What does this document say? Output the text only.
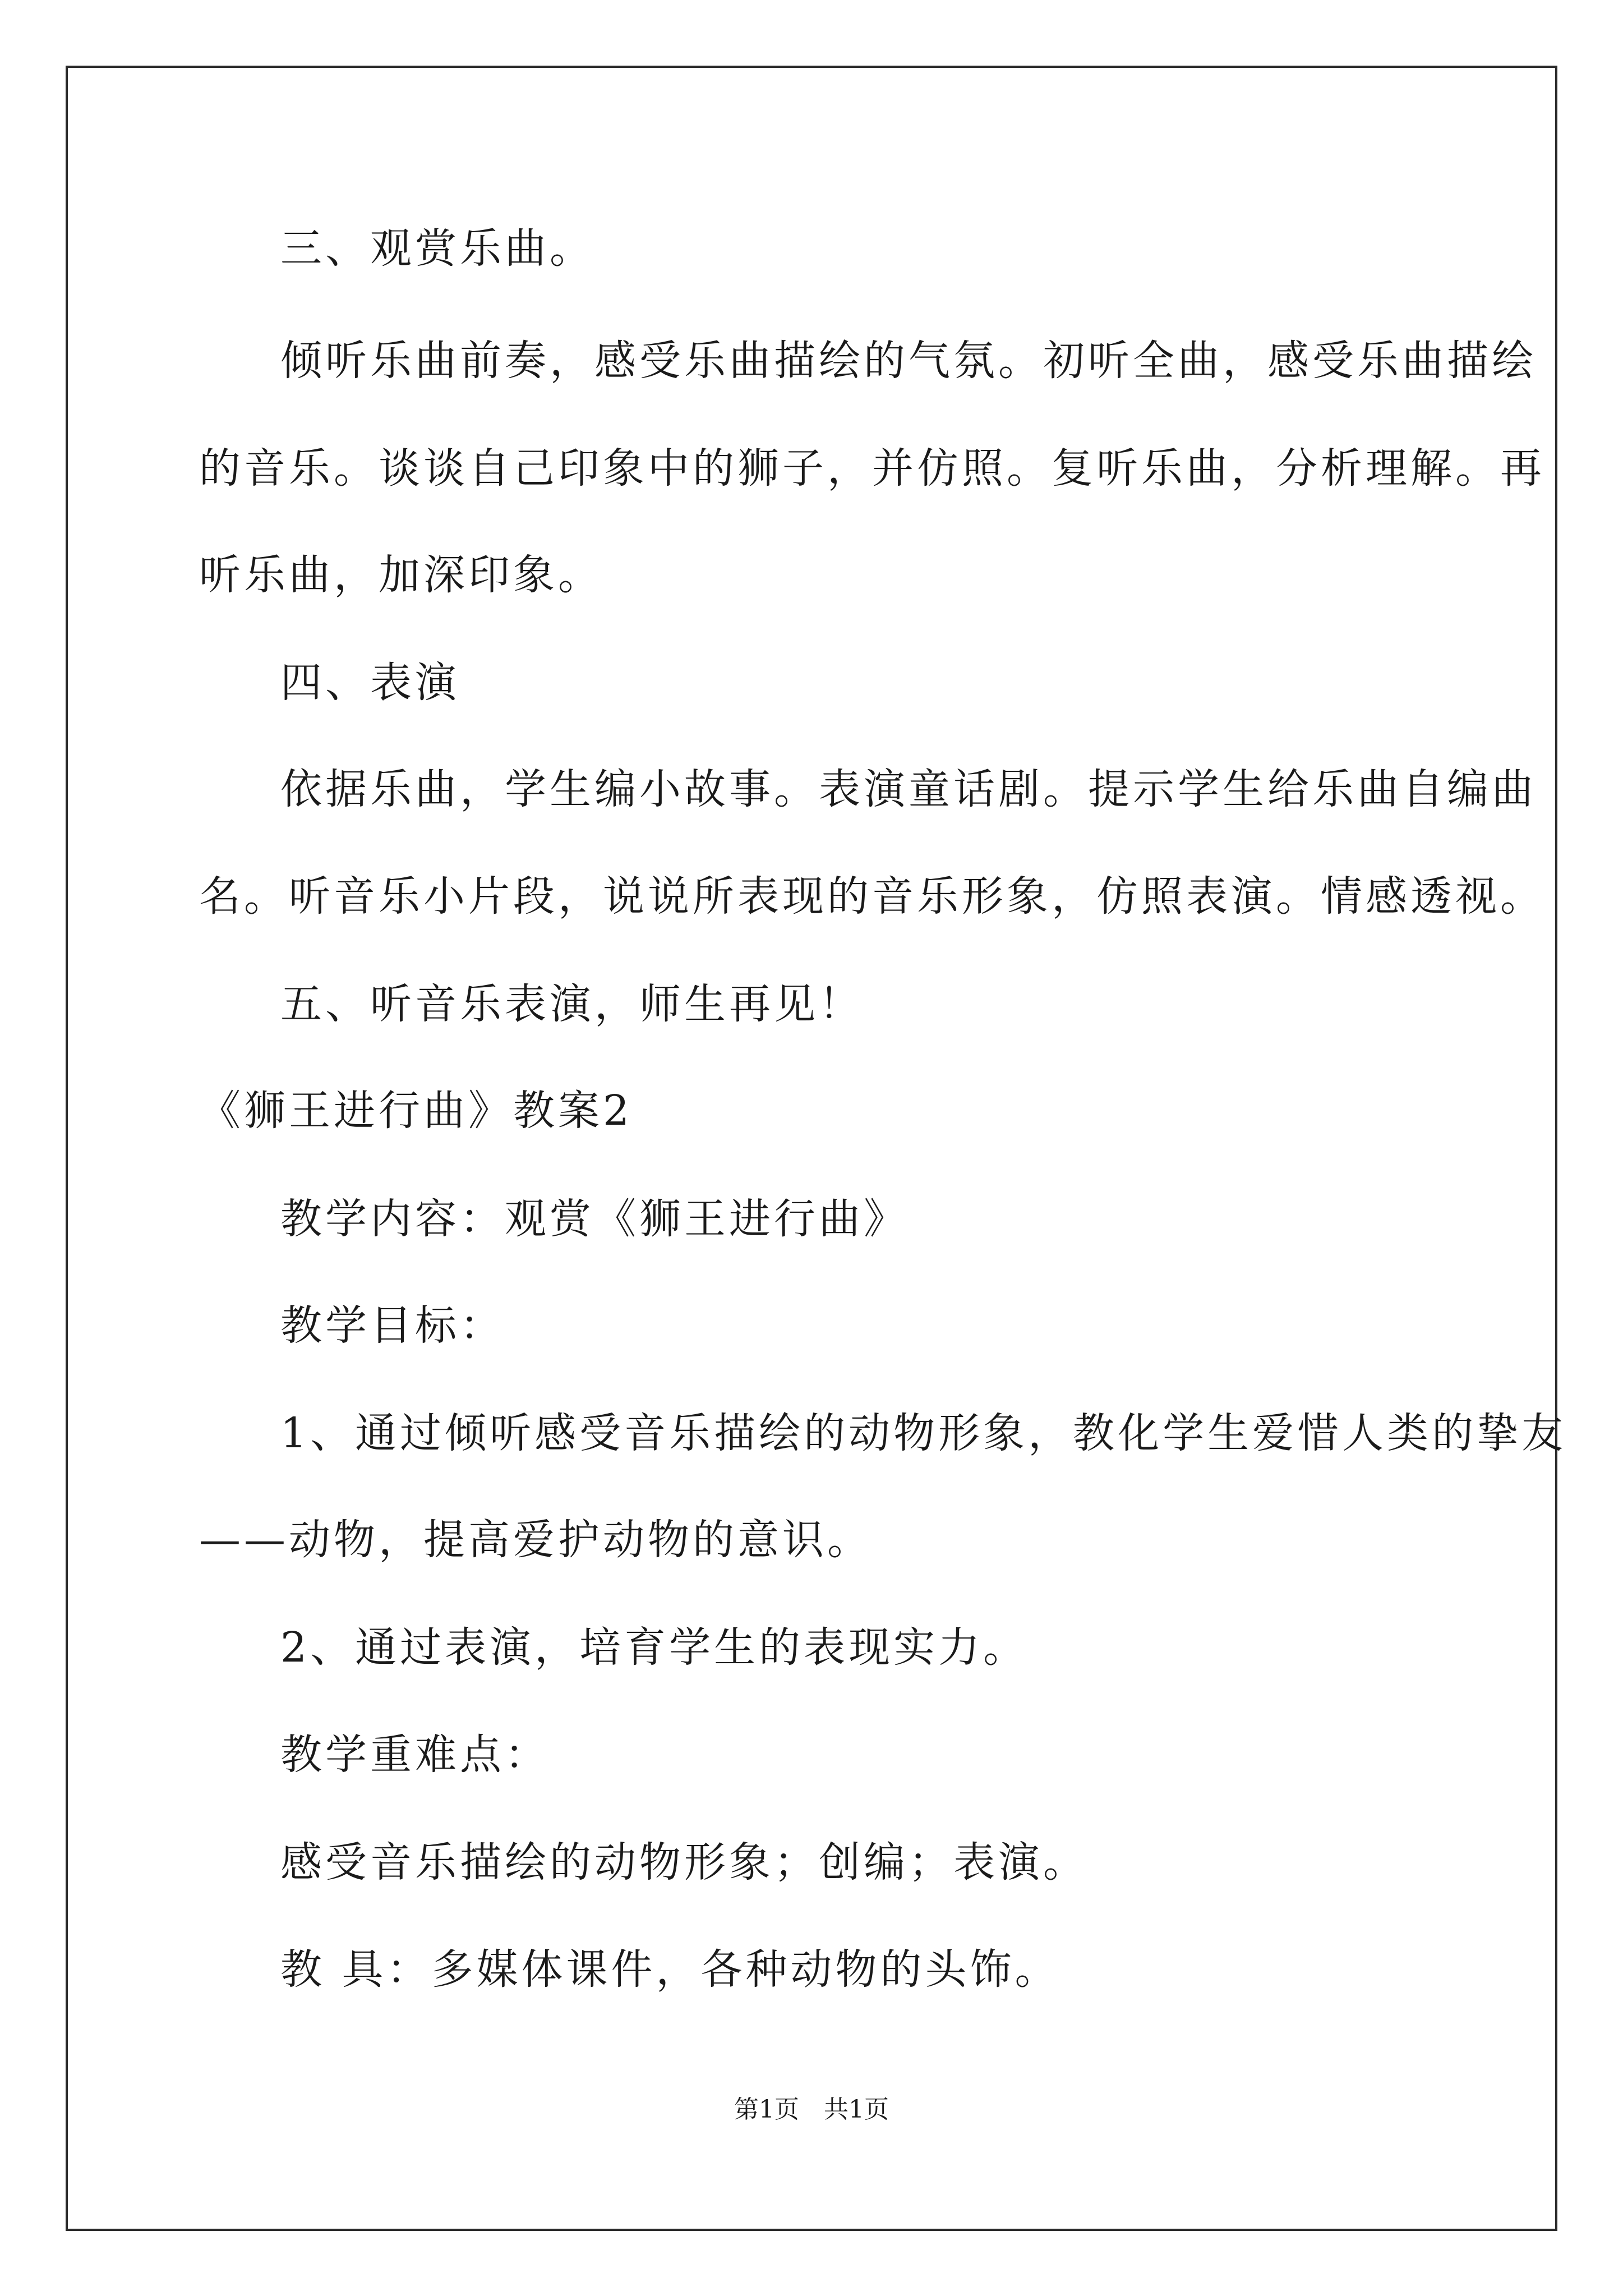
三、观赏乐曲。
倾听乐曲前奏，感受乐曲描绘的气氛。初听全曲，感受乐曲描绘
的音乐。谈谈自己印象中的狮子，并仿照。复听乐曲，分析理解。再
听乐曲，加深印象。
四、表演
依据乐曲，学生编小故事。表演童话剧。提示学生给乐曲自编曲
名。听音乐小片段，说说所表现的音乐形象，仿照表演。情感透视。
五、听音乐表演，师生再见！
《狮王进行曲》教案2
教学内容：观赏《狮王进行曲》
教学目标：
1、通过倾听感受音乐描绘的动物形象，教化学生爱惜人类的挚友
——动物，提高爱护动物的意识。
2、通过表演，培育学生的表现实力。
教学重难点：
感受音乐描绘的动物形象；创编；表演。
教 具：多媒体课件，各种动物的头饰。
第1页 共1页
